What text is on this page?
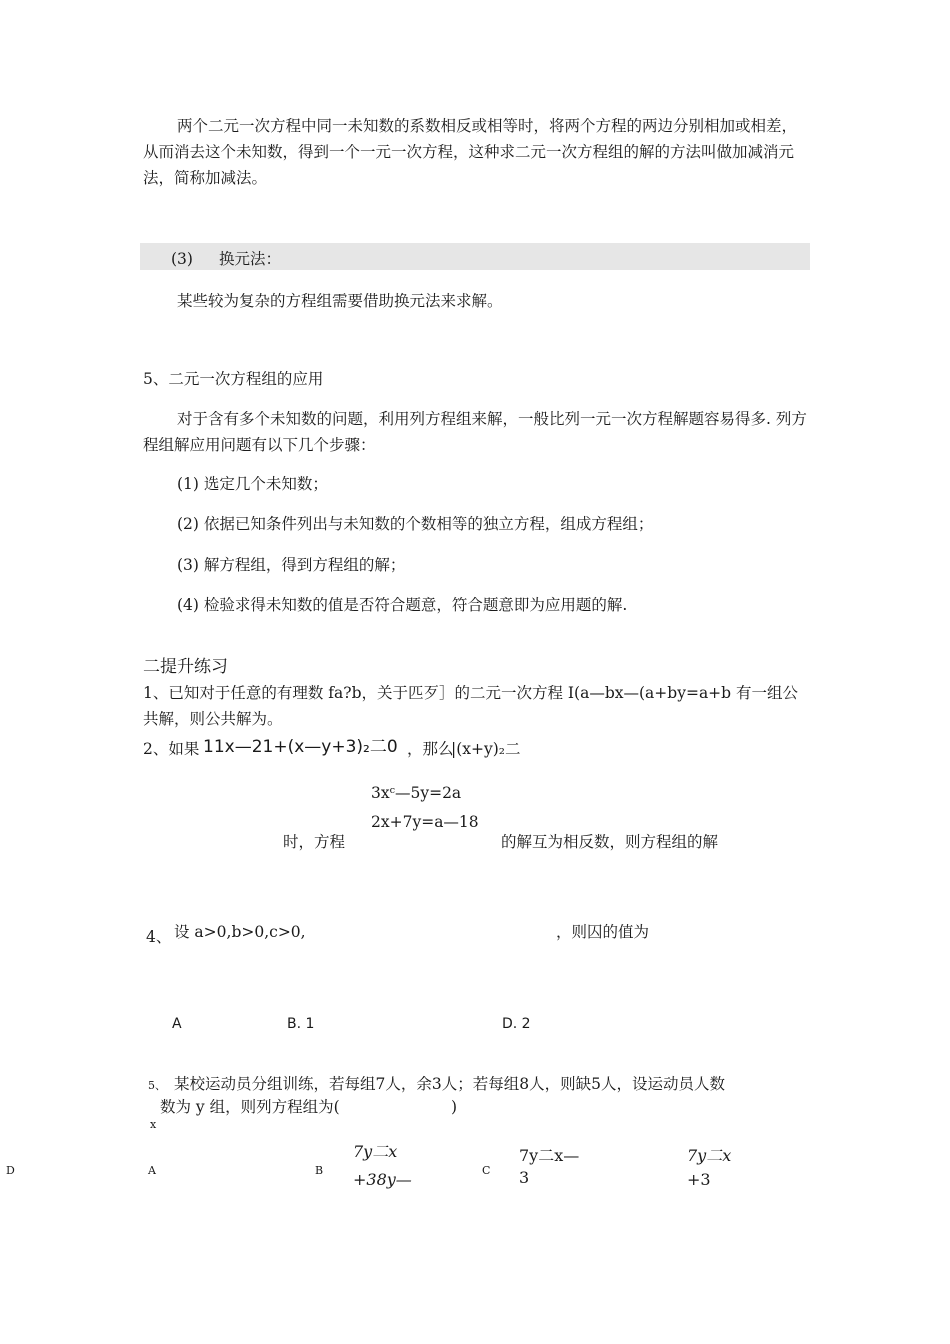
两个二元一次方程中同一未知数的系数相反或相等时，将两个方程的两边分别相加或相差，从而消去这个未知数，得到一个一元一次方程，这种求二元一次方程组的解的方法叫做加减消元法，简称加减法。
(3) 换元法：
某些较为复杂的方程组需要借助换元法来求解。
5、二元一次方程组的应用
对于含有多个未知数的问题，利用列方程组来解，一般比列一元一次方程解题容易得多. 列方程组解应用问题有以下几个步骤：
(1) 选定几个未知数；
(2) 依据已知条件列出与未知数的个数相等的独立方程，组成方程组；
(3) 解方程组，得到方程组的解；
(4) 检验求得未知数的值是否符合题意，符合题意即为应用题的解.
二提升练习
1、已知对于任意的有理数 fa?b，关于匹歹］的二元一次方程 I(a—bx—(a+by=a+b 有一组公共解，则公共解为。
2、如果 11x—21+(x—y+3)₂二0 ，那么
|(x+y)₂二
3xᶜ—5y=2a
2x+7y=a—18
时，方程	的解互为相反数，则方程组的解
4、 设 a>0,b>0,c>0,	，则囚的值为
A	B. 1	D. 2
5、 某校运动员分组训练，若每组7人，余3人；若每组8人，则缺5人，设运动员人数
数为 y 组，则列方程组为(	)
x
D	A	B	C
7y二x
+38y—
7y二x—
3
7y二x
+3
